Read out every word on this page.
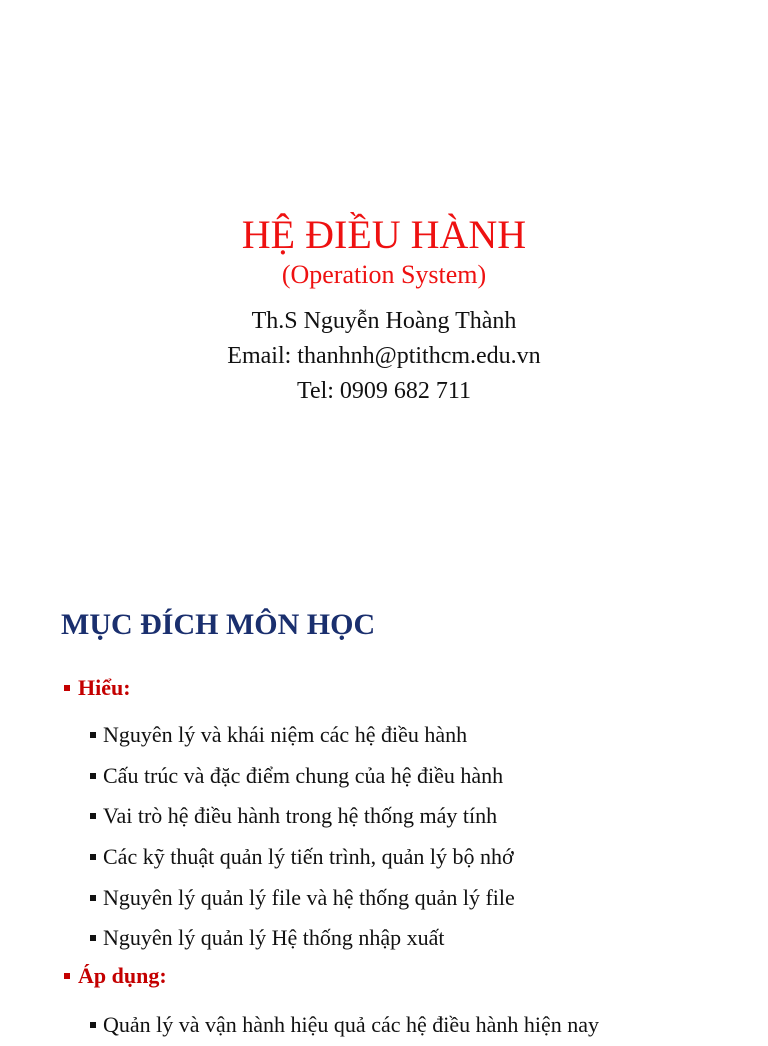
HỆ ĐIỀU HÀNH
(Operation System)
Th.S Nguyễn Hoàng Thành
Email: thanhnh@ptithcm.edu.vn
Tel: 0909 682 711
MỤC ĐÍCH MÔN HỌC
Hiểu:
Nguyên lý và khái niệm các hệ điều hành
Cấu trúc và đặc điểm chung của hệ điều hành
Vai trò hệ điều hành trong hệ thống máy tính
Các kỹ thuật quản lý tiến trình, quản lý bộ nhớ
Nguyên lý quản lý file và hệ thống quản lý file
Nguyên lý quản lý Hệ thống nhập xuất
Áp dụng:
Quản lý và vận hành hiệu quả các hệ điều hành hiện nay
